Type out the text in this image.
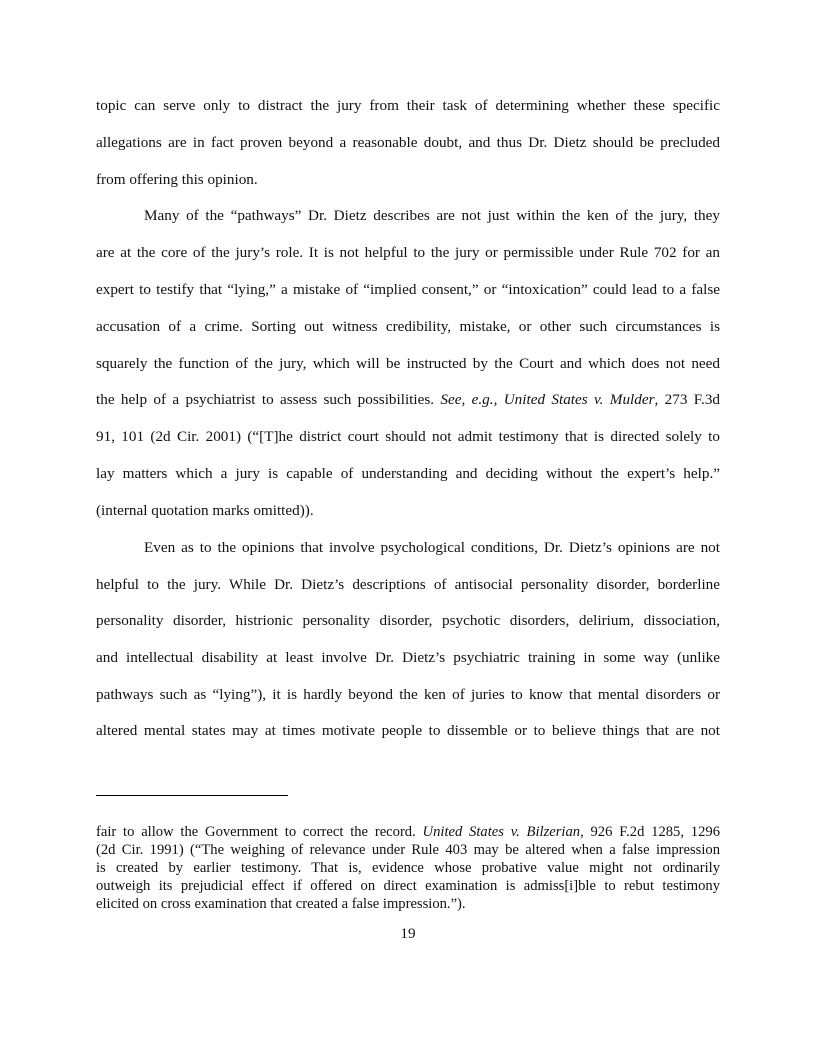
topic can serve only to distract the jury from their task of determining whether these specific
allegations are in fact proven beyond a reasonable doubt, and thus Dr. Dietz should be precluded
from offering this opinion.
Many of the “pathways” Dr. Dietz describes are not just within the ken of the jury, they
are at the core of the jury’s role. It is not helpful to the jury or permissible under Rule 702 for an
expert to testify that “lying,” a mistake of “implied consent,” or “intoxication” could lead to a false
accusation of a crime. Sorting out witness credibility, mistake, or other such circumstances is
squarely the function of the jury, which will be instructed by the Court and which does not need
the help of a psychiatrist to assess such possibilities. See, e.g., United States v. Mulder, 273 F.3d
91, 101 (2d Cir. 2001) (“[T]he district court should not admit testimony that is directed solely to
lay matters which a jury is capable of understanding and deciding without the expert’s help.”
(internal quotation marks omitted)).
Even as to the opinions that involve psychological conditions, Dr. Dietz’s opinions are not
helpful to the jury. While Dr. Dietz’s descriptions of antisocial personality disorder, borderline
personality disorder, histrionic personality disorder, psychotic disorders, delirium, dissociation,
and intellectual disability at least involve Dr. Dietz’s psychiatric training in some way (unlike
pathways such as “lying”), it is hardly beyond the ken of juries to know that mental disorders or
altered mental states may at times motivate people to dissemble or to believe things that are not
fair to allow the Government to correct the record. United States v. Bilzerian, 926 F.2d 1285, 1296
(2d Cir. 1991) (“The weighing of relevance under Rule 403 may be altered when a false impression
is created by earlier testimony. That is, evidence whose probative value might not ordinarily
outweigh its prejudicial effect if offered on direct examination is admiss[i]ble to rebut testimony
elicited on cross examination that created a false impression.”).
19
